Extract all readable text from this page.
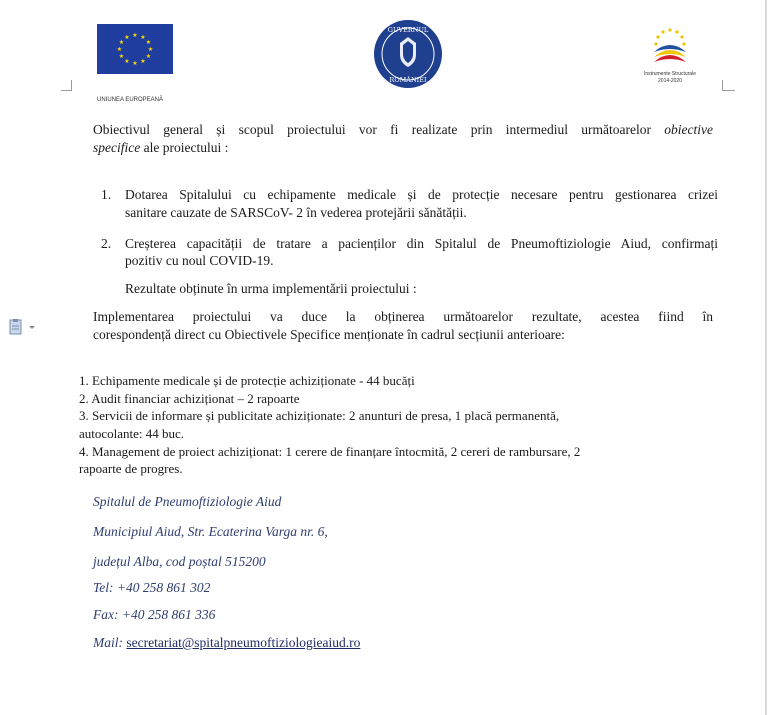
★ ★
★
★
★
★
★
★
★
★
★
★
UNIUNEA EUROPEANĂ
GUVERNUL
ROMÂNIEI
Instrumente Structurale
2014-2020
Obiectivul general și scopul proiectului vor fi realizate prin intermediul următoarelor obiective
specifice ale proiectului :
1. Dotarea Spitalului cu echipamente medicale și de protecție necesare pentru gestionarea crizei
sanitare cauzate de SARSCoV- 2 în vederea protejării sănătății.
2. Creșterea capacității de tratare a pacienților din Spitalul de Pneumoftiziologie Aiud, confirmați
pozitiv cu noul COVID-19.
Rezultate obținute în urma implementării proiectului :
Implementarea proiectului va duce la obținerea următoarelor rezultate, acestea fiind în
corespondență direct cu Obiectivele Specifice menționate în cadrul secțiunii anterioare:
1. Echipamente medicale și de protecție achiziționate - 44 bucăți
2. Audit financiar achiziționat – 2 rapoarte
3. Servicii de informare și publicitate achiziționate: 2 anunturi de presa, 1 placă permanentă,
autocolante: 44 buc.
4. Management de proiect achiziționat: 1 cerere de finanțare întocmită, 2 cereri de rambursare, 2
rapoarte de progres.
Spitalul de Pneumoftiziologie Aiud
Municipiul Aiud, Str. Ecaterina Varga nr. 6,
județul Alba, cod poștal 515200
Tel: +40 258 861 302
Fax: +40 258 861 336
Mail: secretariat@spitalpneumoftiziologieaiud.ro
